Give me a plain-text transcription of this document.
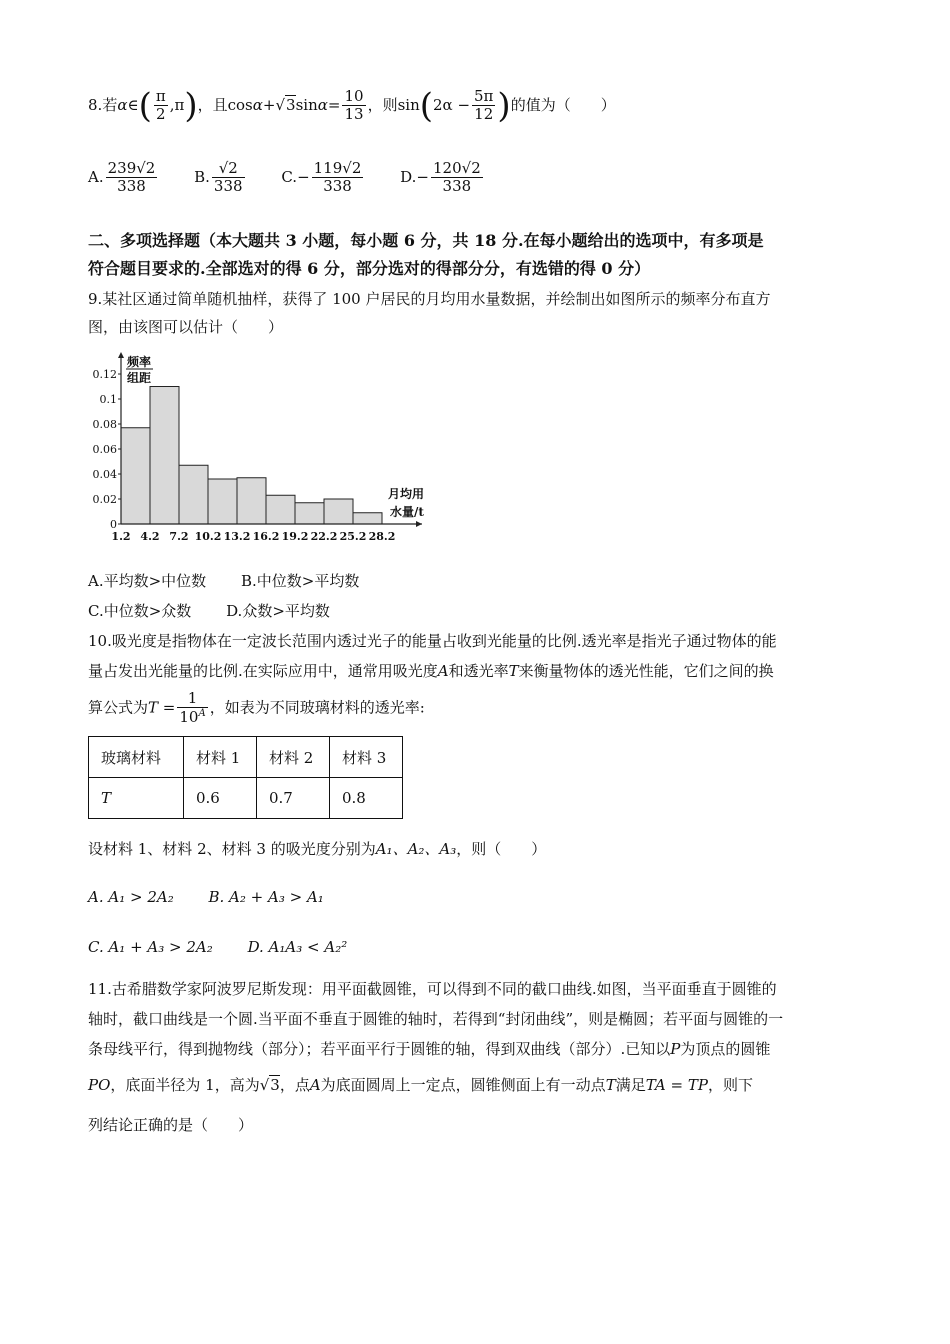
8.若α∈( $\frac{\pi}{2} ,\pi$)，且$\cos\alpha+√3\sin\alpha= \frac{10}{13}$ ，则$\sin(2\alpha - \frac{5\pi}{12}$ )的值为（　　）
A. $\frac{239√2}{338} B$. $\frac{√2}{338} C.- \frac{119√2}{338} D.- \frac{120√2}{338}$
二、多项选择题（本大题共 3 小题，每小题 6 分，共 18 分.在每小题给出的选项中，有多项是
符合题目要求的.全部选对的得 6 分，部分选对的得部分分，有选错的得 0 分）
9.某社区通过简单随机抽样，获得了 100 户居民的月均用水量数据，并绘制出如图所示的频率分布直方
图，由该图可以估计（　　）
0
0.02
0.04
0.06
0.08
0.1
0.12
1.2 4.2 7.2 10.2 13.2 16.2 19.2 22.2 25.2 28.2
频率
组距
月均用
水量/t
A.平均数>中位数 B.中位数>平均数
C.中位数>众数 D.众数>平均数
10.吸光度是指物体在一定波长范围内透过光子的能量占收到光能量的比例.透光率是指光子通过物体的能
量占发出光能量的比例.在实际应用中，通常用吸光度A和透光率T来衡量物体的透光性能，它们之间的换
算公式为$T = \frac{1}{10^A}$ ，如表为不同玻璃材料的透光率:
玻璃材料	材料 1	材料 2	材料 3
T	0.6	0.7	0.8
设材料 1、材料 2、材料 3 的吸光度分别为A₁、A₂、A₃，则（　　）
A. A₁ > 2A₂ B. A₂ + A₃ > A₁
C. A₁ + A₃ > 2A₂ D. A₁A₃ < A₂²
11.古希腊数学家阿波罗尼斯发现：用平面截圆锥，可以得到不同的截口曲线.如图，当平面垂直于圆锥的
轴时，截口曲线是一个圆.当平面不垂直于圆锥的轴时，若得到“封闭曲线”，则是椭圆；若平面与圆锥的一
条母线平行，得到抛物线（部分）；若平面平行于圆锥的轴，得到双曲线（部分）.已知以P为顶点的圆锥
PO，底面半径为 1，高为√3，点A为底面圆周上一定点，圆锥侧面上有一动点T满足TA = TP，则下
列结论正确的是（　　）
